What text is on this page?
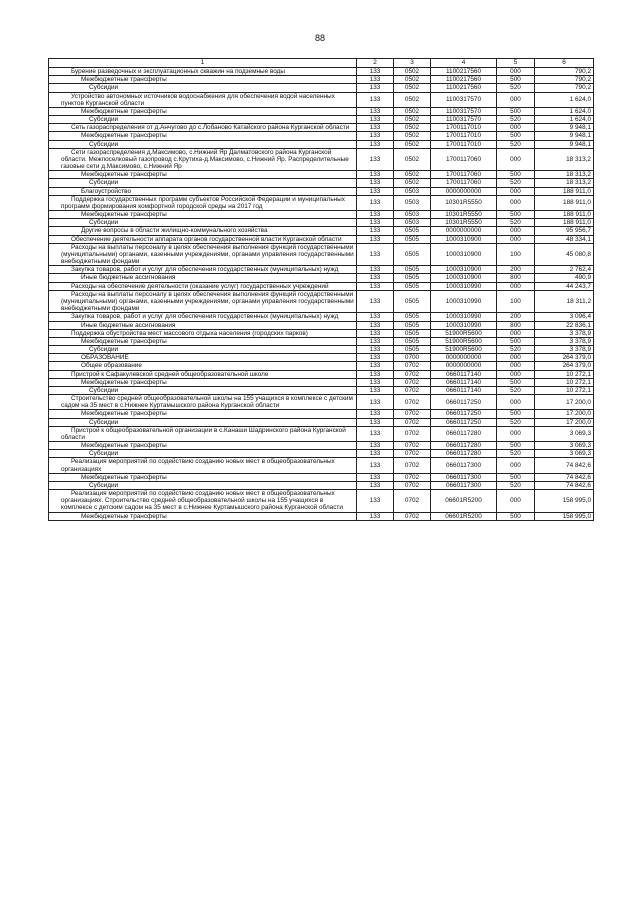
88
1	2	3	4	5	6
Бурение разведочных и эксплуатационных скважин на подземные воды	133	0502	1100217560	000	790,2
Межбюджетные трансферты	133	0502	1100217560	500	790,2
Субсидии	133	0502	1100217560	520	790,2
Устройство автономных источников водоснабжения для обеспечения водой населенных пунктов Курганской области	133	0502	1100317570	000	1 624,0
Межбюджетные трансферты	133	0502	1100317570	500	1 624,0
Субсидии	133	0502	1100317570	520	1 624,0
Сеть газораспределения от д.Анчугово до с.Лобаново Катайского района Курганской области	133	0502	1700117010	000	9 948,1
Межбюджетные трансферты	133	0502	1700117010	500	9 948,1
Субсидии	133	0502	1700117010	520	9 948,1
Сети газораспределения д.Максимово, с.Нижний Яр Далматовского района Курганской области. Межпоселковый газопровод с.Крутиха-д.Максимово, с.Нижний Яр. Распределительные газовые сети д.Максимово, с.Нижний Яр	133	0502	1700117060	000	18 313,2
Межбюджетные трансферты	133	0502	1700117060	500	18 313,2
Субсидии	133	0502	1700117060	520	18 313,2
Благоустройство	133	0503	0000000000	000	188 911,0
Поддержка государственных программ субъектов Российской Федерации и муниципальных программ формирования комфортной городской среды на 2017 год	133	0503	10301R5550	000	188 911,0
Межбюджетные трансферты	133	0503	10301R5550	500	188 911,0
Субсидии	133	0503	10301R5550	520	188 911,0
Другие вопросы в области жилищно-коммунального хозяйства	133	0505	0000000000	000	95 956,7
Обеспечение деятельности аппарата органов государственной власти Курганской области	133	0505	1000310900	000	48 334,1
Расходы на выплаты персоналу в целях обеспечения выполнения функций государственными (муниципальными) органами, казенными учреждениями, органами управления государственными внебюджетными фондами	133	0505	1000310900	100	45 080,8
Закупка товаров, работ и услуг для обеспечения государственных (муниципальных) нужд	133	0505	1000310900	200	2 762,4
Иные бюджетные ассигнования	133	0505	1000310900	800	490,9
Расходы на обеспечение деятельности (оказание услуг) государственных учреждений	133	0505	1000310990	000	44 243,7
Расходы на выплаты персоналу в целях обеспечения выполнения функций государственными (муниципальными) органами, казенными учреждениями, органами управления государственными внебюджетными фондами	133	0505	1000310990	100	18 311,2
Закупка товаров, работ и услуг для обеспечения государственных (муниципальных) нужд	133	0505	1000310990	200	3 096,4
Иные бюджетные ассигнования	133	0505	1000310990	800	22 836,1
Поддержка обустройства мест массового отдыха населения (городских парков)	133	0505	51900R5600	000	3 378,9
Межбюджетные трансферты	133	0505	51900R5600	500	3 378,9
Субсидии	133	0505	51900R5600	520	3 378,9
ОБРАЗОВАНИЕ	133	0700	0000000000	000	264 379,0
Общее образование	133	0702	0000000000	000	264 379,0
Пристрой к Сафакулевской средней общеобразовательной школе	133	0702	0660117140	000	10 272,1
Межбюджетные трансферты	133	0702	0660117140	500	10 272,1
Субсидии	133	0702	0660117140	520	10 272,1
Строительство средней общеобразовательной школы на 155 учащихся в комплексе с детским садом на 35 мест в с.Нижнее Куртамышского района Курганской области	133	0702	0660117250	000	17 200,0
Межбюджетные трансферты	133	0702	0660117250	500	17 200,0
Субсидии	133	0702	0660117250	520	17 200,0
Пристрой к общеобразовательной организации в с.Канаши Шадринского района Курганской области	133	0702	0660117280	000	3 069,3
Межбюджетные трансферты	133	0702	0660117280	500	3 069,3
Субсидии	133	0702	0660117280	520	3 069,3
Реализация мероприятий по содействию созданию новых мест в общеобразовательных организациях	133	0702	0660117300	000	74 842,6
Межбюджетные трансферты	133	0702	0660117300	500	74 842,6
Субсидии	133	0702	0660117300	520	74 842,6
Реализация мероприятий по содействию созданию новых мест в общеобразовательных организациях. Строительство средней общеобразовательной школы на 155 учащихся в комплексе с детским садом на 35 мест в с.Нижнее Куртамышского района Курганской области	133	0702	06601R5200	000	158 995,0
Межбюджетные трансферты	133	0702	06601R5200	500	158 995,0
